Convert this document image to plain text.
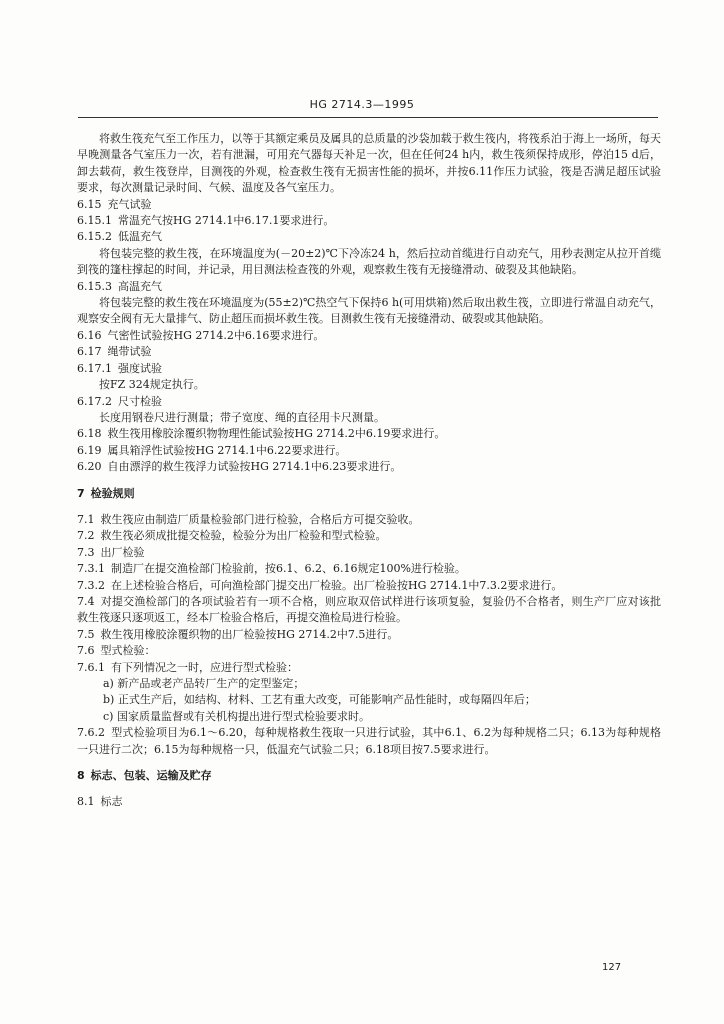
HG 2714.3—1995

将救生筏充气至工作压力，以等于其额定乘员及属具的总质量的沙袋加载于救生筏内，将筏系泊于海上一场所，每天早晚测量各气室压力一次，若有泄漏，可用充气器每天补足一次，但在任何24 h内，救生筏须保持成形，停泊15 d后，卸去载荷，救生筏登岸，目测筏的外观，检查救生筏有无损害性能的损坏，并按6.11作压力试验，筏是否满足超压试验要求，每次测量记录时间、气候、温度及各气室压力。

6.15 充气试验

6.15.1 常温充气按HG 2714.1中6.17.1要求进行。

6.15.2 低温充气

将包装完整的救生筏，在环境温度为(－20±2)℃下冷冻24 h，然后拉动首缆进行自动充气，用秒表测定从拉开首缆到筏的篷柱撑起的时间，并记录，用目测法检查筏的外观，观察救生筏有无接缝滑动、破裂及其他缺陷。

6.15.3 高温充气

将包装完整的救生筏在环境温度为(55±2)℃热空气下保持6 h(可用烘箱)然后取出救生筏，立即进行常温自动充气，观察安全阀有无大量排气、防止超压而损坏救生筏。目测救生筏有无接缝滑动、破裂或其他缺陷。

6.16 气密性试验按HG 2714.2中6.16要求进行。

6.17 绳带试验

6.17.1 强度试验

按FZ 324规定执行。

6.17.2 尺寸检验

长度用钢卷尺进行测量；带子宽度、绳的直径用卡尺测量。

6.18 救生筏用橡胶涂覆织物物理性能试验按HG 2714.2中6.19要求进行。

6.19 属具箱浮性试验按HG 2714.1中6.22要求进行。

6.20 自由漂浮的救生筏浮力试验按HG 2714.1中6.23要求进行。

7 检验规则

7.1 救生筏应由制造厂质量检验部门进行检验，合格后方可提交验收。

7.2 救生筏必须成批提交检验，检验分为出厂检验和型式检验。

7.3 出厂检验

7.3.1 制造厂在提交渔检部门检验前，按6.1、6.2、6.16规定100%进行检验。

7.3.2 在上述检验合格后，可向渔检部门提交出厂检验。出厂检验按HG 2714.1中7.3.2要求进行。

7.4 对提交渔检部门的各项试验若有一项不合格，则应取双倍试样进行该项复验，复验仍不合格者，则生产厂应对该批救生筏逐只逐项返工，经本厂检验合格后，再提交渔检局进行检验。

7.5 救生筏用橡胶涂覆织物的出厂检验按HG 2714.2中7.5进行。

7.6 型式检验：

7.6.1 有下列情况之一时，应进行型式检验：

a) 新产品或老产品转厂生产的定型鉴定；

b) 正式生产后，如结构、材料、工艺有重大改变，可能影响产品性能时，或每隔四年后；

c) 国家质量监督或有关机构提出进行型式检验要求时。

7.6.2 型式检验项目为6.1～6.20，每种规格救生筏取一只进行试验，其中6.1、6.2为每种规格二只；6.13为每种规格一只进行二次；6.15为每种规格一只，低温充气试验二只；6.18项目按7.5要求进行。

8 标志、包装、运输及贮存

8.1 标志

127
